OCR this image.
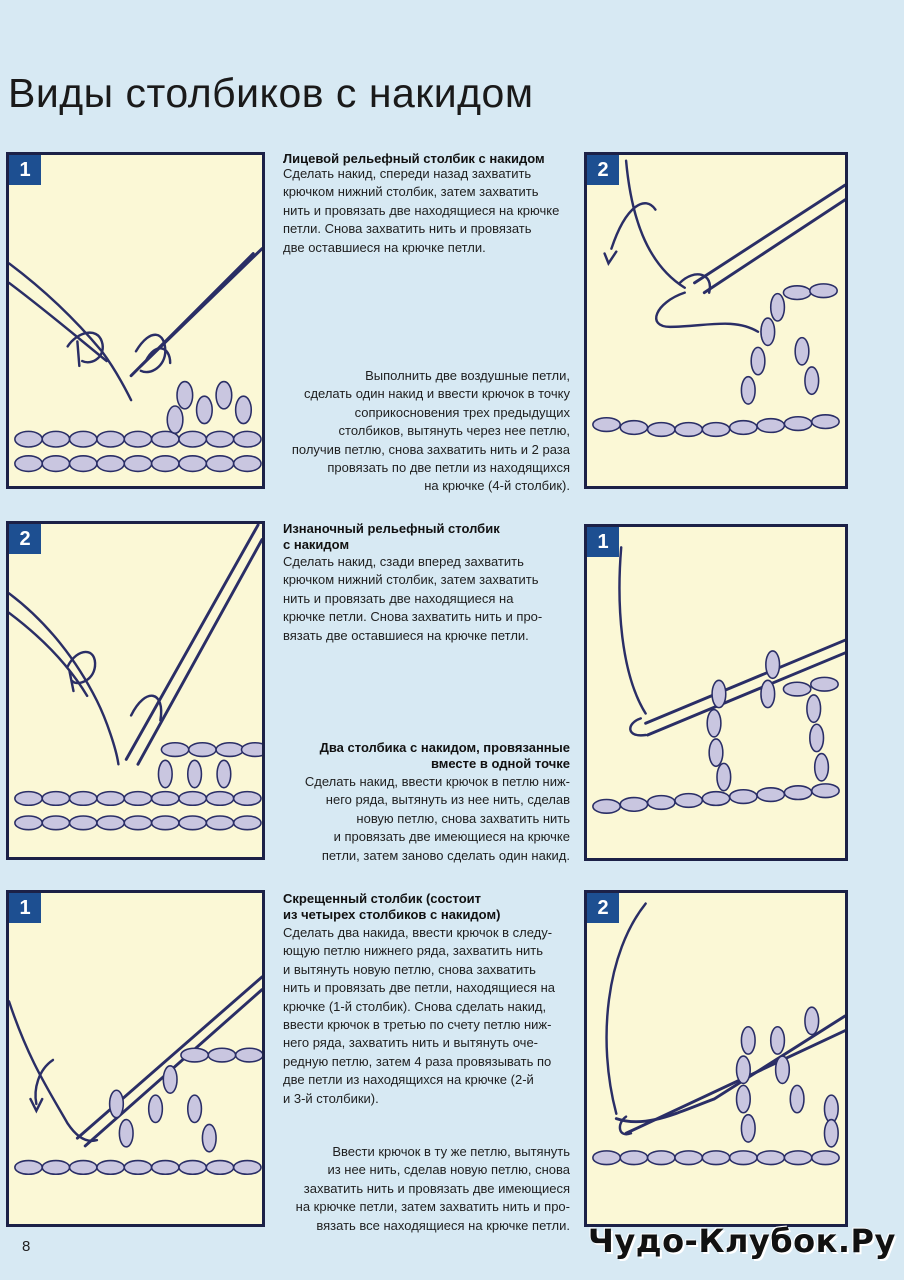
Виды столбиков с накидом
1	2
2	1
1	2
Лицевой рельефный столбик с накидом
Сделать накид, спереди назад захватить
крючком нижний столбик, затем захватить
нить и провязать две находящиеся на крючке
петли. Снова захватить нить и провязать
две оставшиеся на крючке петли.
Выполнить две воздушные петли,
сделать один накид и ввести крючок в точку
соприкосновения трех предыдущих
столбиков, вытянуть через нее петлю,
получив петлю, снова захватить нить и 2 раза
провязать по две петли из находящихся
на крючке (4-й столбик).
Изнаночный рельефный столбик
с накидом
Сделать накид, сзади вперед захватить
крючком нижний столбик, затем захватить
нить и провязать две находящиеся на
крючке петли. Снова захватить нить и про-
вязать две оставшиеся на крючке петли.
Два столбика с накидом, провязанные
вместе в одной точке
Сделать накид, ввести крючок в петлю ниж-
него ряда, вытянуть из нее нить, сделав
новую петлю, снова захватить нить
и провязать две имеющиеся на крючке
петли, затем заново сделать один накид.
Скрещенный столбик (состоит
из четырех столбиков с накидом)
Сделать два накида, ввести крючок в следу-
ющую петлю нижнего ряда, захватить нить
и вытянуть новую петлю, снова захватить
нить и провязать две петли, находящиеся на
крючке (1-й столбик). Снова сделать накид,
ввести крючок в третью по счету петлю ниж-
него ряда, захватить нить и вытянуть оче-
редную петлю, затем 4 раза провязывать по
две петли из находящихся на крючке (2-й
и 3-й столбики).
Ввести крючок в ту же петлю, вытянуть
из нее нить, сделав новую петлю, снова
захватить нить и провязать две имеющиеся
на крючке петли, затем захватить нить и про-
вязать все находящиеся на крючке петли.
8	Чудо-Клубок.Ру
